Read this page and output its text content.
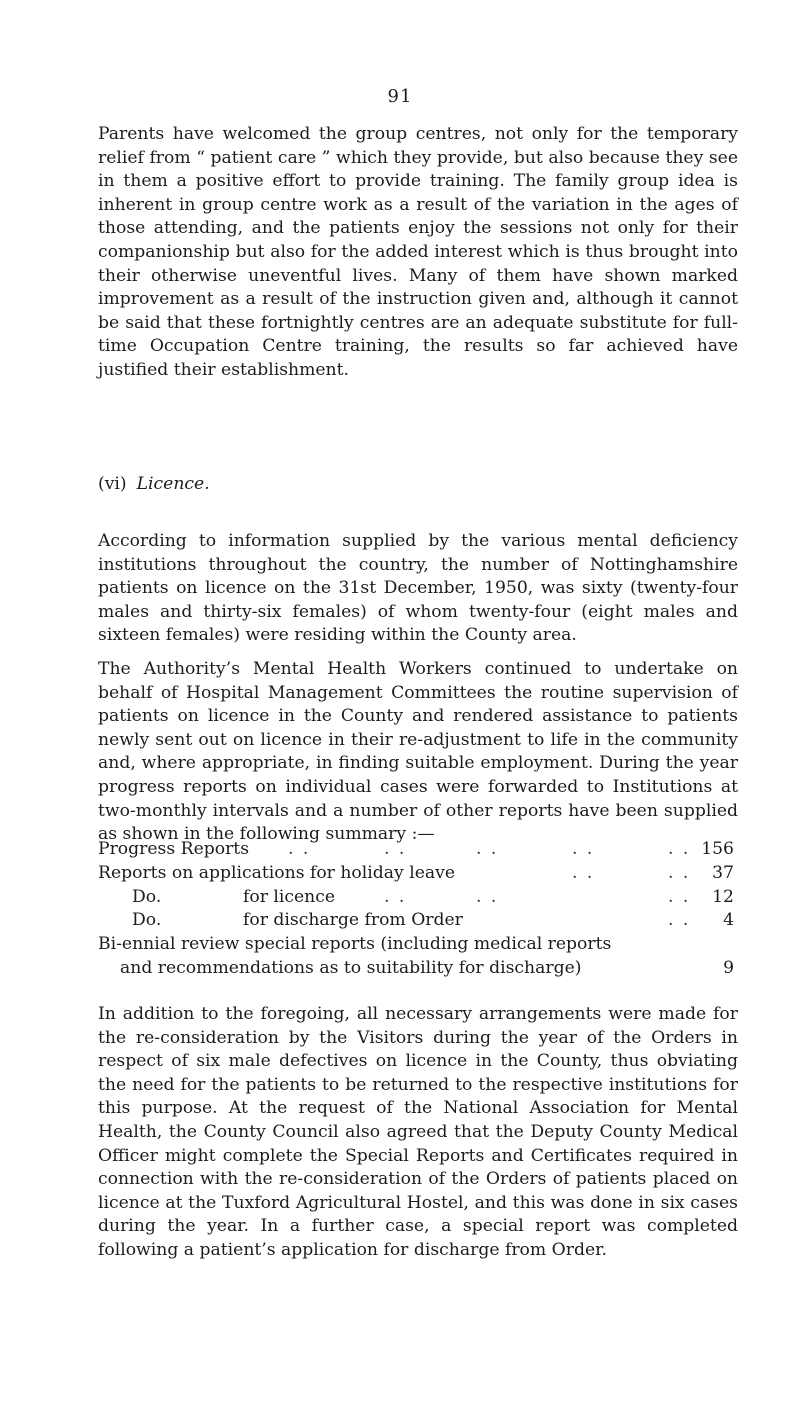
91

Parents have welcomed the group centres, not only for the temporary relief from “ patient care ” which they provide, but also because they see in them a positive effort to provide training. The family group idea is inherent in group centre work as a result of the variation in the ages of those attending, and the patients enjoy the sessions not only for their companionship but also for the added interest which is thus brought into their otherwise uneventful lives. Many of them have shown marked improvement as a result of the instruction given and, although it cannot be said that these fortnightly centres are an adequate substitute for full-time Occupation Centre training, the results so far achieved have justified their establishment.

(vi) Licence.

According to information supplied by the various mental deficiency institutions throughout the country, the number of Nottinghamshire patients on licence on the 31st December, 1950, was sixty (twenty-four males and thirty-six females) of whom twenty-four (eight males and sixteen females) were residing within the County area.

The Authority’s Mental Health Workers continued to undertake on behalf of Hospital Management Committees the routine supervision of patients on licence in the County and rendered assistance to patients newly sent out on licence in their re-adjustment to life in the community and, where appropriate, in finding suitable employment. During the year progress reports on individual cases were forwarded to Institutions at two-monthly intervals and a number of other reports have been supplied as shown in the following summary :—

Progress Reports . .	. .	. .	. .	. . 156
Reports on applications for holiday leave	. .	. . 37
Do.	for licence	. .	. .	. . 12
Do.	for discharge from Order	. . 4
Bi-ennial review special reports (including medical reports
and recommendations as to suitability for discharge)	9

In addition to the foregoing, all necessary arrangements were made for the re-consideration by the Visitors during the year of the Orders in respect of six male defectives on licence in the County, thus obviating the need for the patients to be returned to the respective institutions for this purpose. At the request of the National Association for Mental Health, the County Council also agreed that the Deputy County Medical Officer might complete the Special Reports and Certificates required in connection with the re-consideration of the Orders of patients placed on licence at the Tuxford Agricultural Hostel, and this was done in six cases during the year. In a further case, a special report was completed following a patient’s application for discharge from Order.
